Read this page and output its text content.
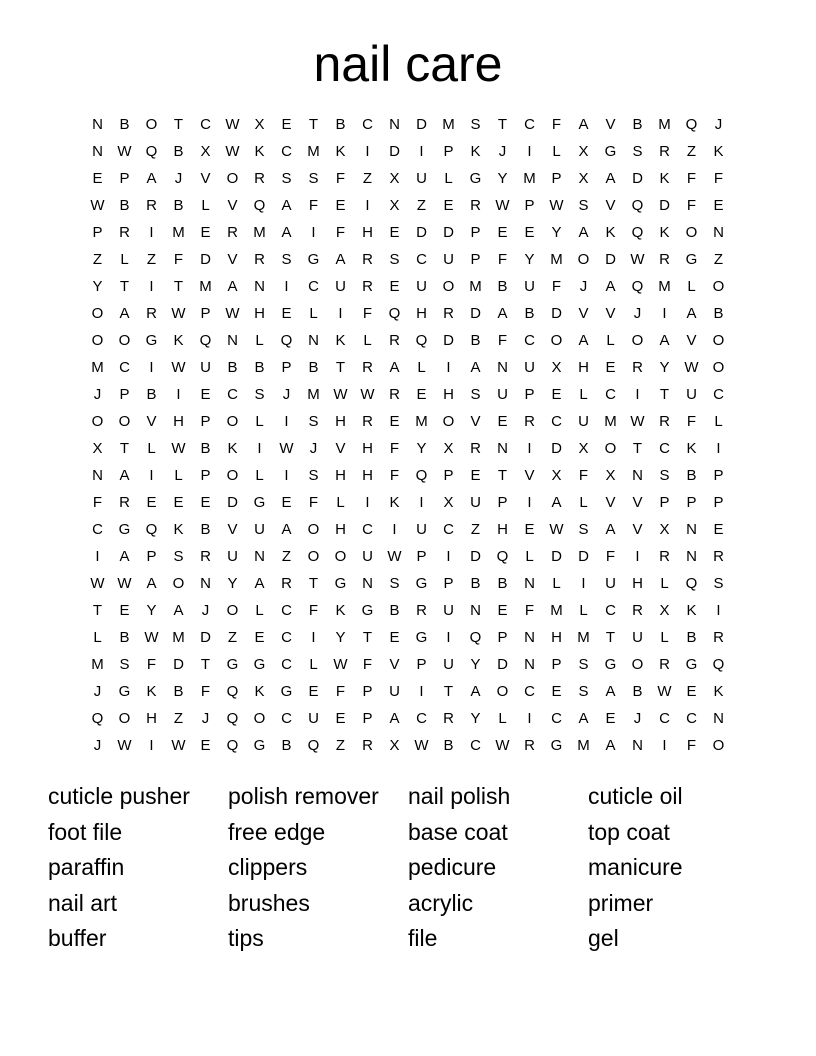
nail care
N	B	O	T	C W X	E	T	B	C	N	D	M	S	T	C	F	A	V	B	M Q	J
N W Q	B	X W K	C	M	K	I	D	I	P	K	J	I	L	X	G	S	R	Z	K
E	P	A	J	V	O	R	S	S	F	Z	X	U	L	G	Y	M	P	X	A	D	K	F	F
W B	R	B	L	V	Q	A	F	E	I	X	Z	E	R W P W S	V	Q	D	F	E
P	R	I	M	E	R	M	A	I	F	H	E	D	D	P	E	E	Y	A	K	Q	K	O	N
Z	L	Z	F	D	V	R	S	G	A	R	S	C	U	P	F	Y	M O	D W R	G	Z
Y	T	I	T	M	A	N	I	C	U	R	E	U	O M	B	U	F	J	A	Q M	L	O
O	A	R W P W H	E	L	I	F	Q	H	R	D	A	B	D	V	V	J	I	A	B
O	O	G	K	Q	N	L	Q	N	K	L	R	Q	D	B	F	C	O	A	L	O	A	V	O
M	C	I	W U	B	B	P	B	T	R	A	L	I	A	N	U	X	H	E	R	Y W O
J	P	B	I	E	C	S	J	M W W R	E	H	S	U	P	E	L	C	I	T	U	C
O	O	V	H	P	O	L	I	S	H	R	E	M O	V	E	R	C	U	M W R	F	L
X	T	L	W B	K	I	W	J	V	H	F	Y	X	R	N	I	D	X	O	T	C	K	I
N	A	I	L	P	O	L	I	S	H	H	F	Q	P	E	T	V	X	F	X	N	S	B	P
F	R	E	E	E	D	G	E	F	L	I	K	I	X	U	P	I	A	L	V	V	P	P	P
C	G	Q	K	B	V	U	A	O	H	C	I	U	C	Z	H	E W S	A	V	X	N	E
I	A	P	S	R	U	N	Z	O	O	U W P	I	D	Q	L	D	D	F	I	R	N	R
W W A	O	N	Y	A	R	T	G	N	S	G	P	B	B	N	L	I	U	H	L	Q	S
T	E	Y	A	J	O	L	C	F	K	G	B	R	U	N	E	F	M	L	C	R	X	K	I
L	B W M	D	Z	E	C	I	Y	T	E	G	I	Q	P	N	H	M	T	U	L	B	R
M	S	F	D	T	G	G	C	L	W	F	V	P	U	Y	D	N	P	S	G	O	R	G	Q
J	G	K	B	F	Q	K	G	E	F	P	U	I	T	A	O	C	E	S	A	B W E	K
Q	O	H	Z	J	Q	O	C	U	E	P	A	C	R	Y	L	I	C	A	E	J	C	C	N
J	W	I	W E	Q	G	B	Q	Z	R	X W B	C W R	G M	A	N	I	F	O
cuticle pusher	polish remover	nail polish	cuticle oil
foot file	free edge	base coat	top coat
paraffin	clippers	pedicure	manicure
nail art	brushes	acrylic	primer
buffer	tips	file	gel
